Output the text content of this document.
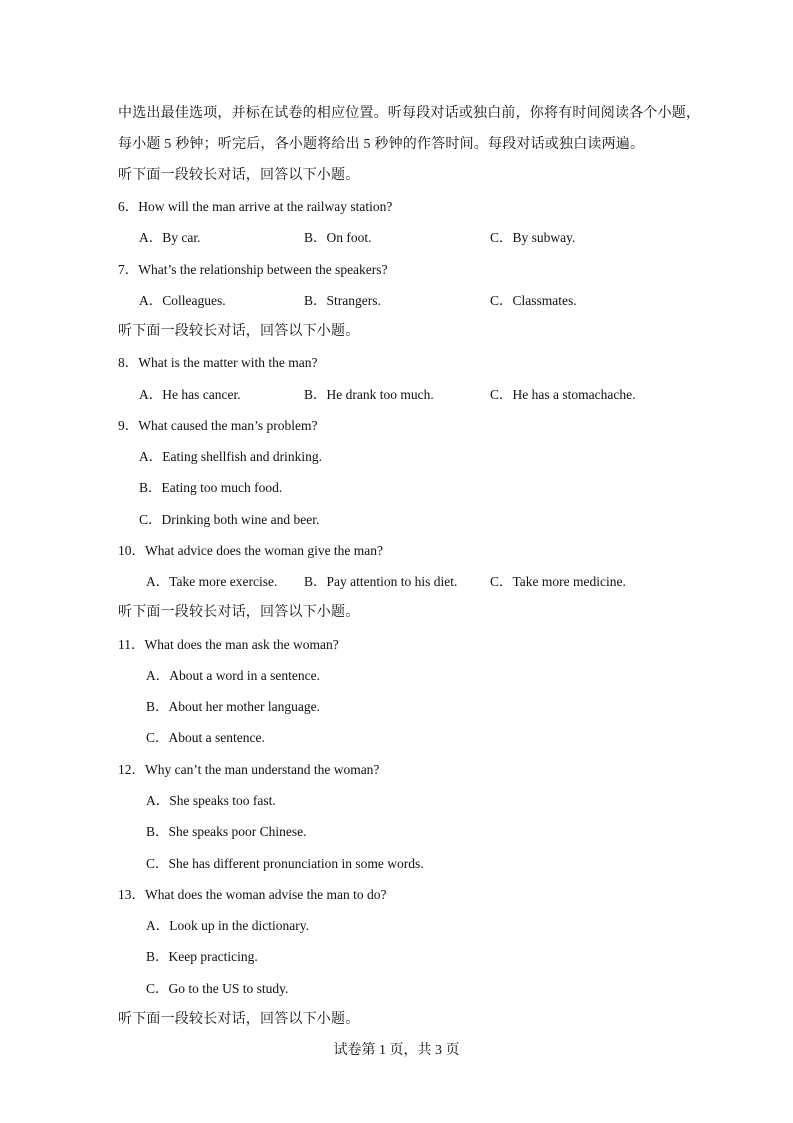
中选出最佳选项，并标在试卷的相应位置。听每段对话或独白前，你将有时间阅读各个小题，
每小题 5 秒钟；听完后，各小题将给出 5 秒钟的作答时间。每段对话或独白读两遍。
听下面一段较长对话，回答以下小题。
6．How will the man arrive at the railway station?
A．By car.	B．On foot.	C．By subway.
7．What’s the relationship between the speakers?
A．Colleagues.	B．Strangers.	C．Classmates.
听下面一段较长对话，回答以下小题。
8．What is the matter with the man?
A．He has cancer.	B．He drank too much.	C．He has a stomachache.
9．What caused the man’s problem?
A．Eating shellfish and drinking.
B．Eating too much food.
C．Drinking both wine and beer.
10．What advice does the woman give the man?
A．Take more exercise. B．Pay attention to his diet. C．Take more medicine.
听下面一段较长对话，回答以下小题。
11．What does the man ask the woman?
A．About a word in a sentence.
B．About her mother language.
C．About a sentence.
12．Why can’t the man understand the woman?
A．She speaks too fast.
B．She speaks poor Chinese.
C．She has different pronunciation in some words.
13．What does the woman advise the man to do?
A．Look up in the dictionary.
B．Keep practicing.
C．Go to the US to study.
听下面一段较长对话，回答以下小题。
试卷第 1 页，共 3 页
